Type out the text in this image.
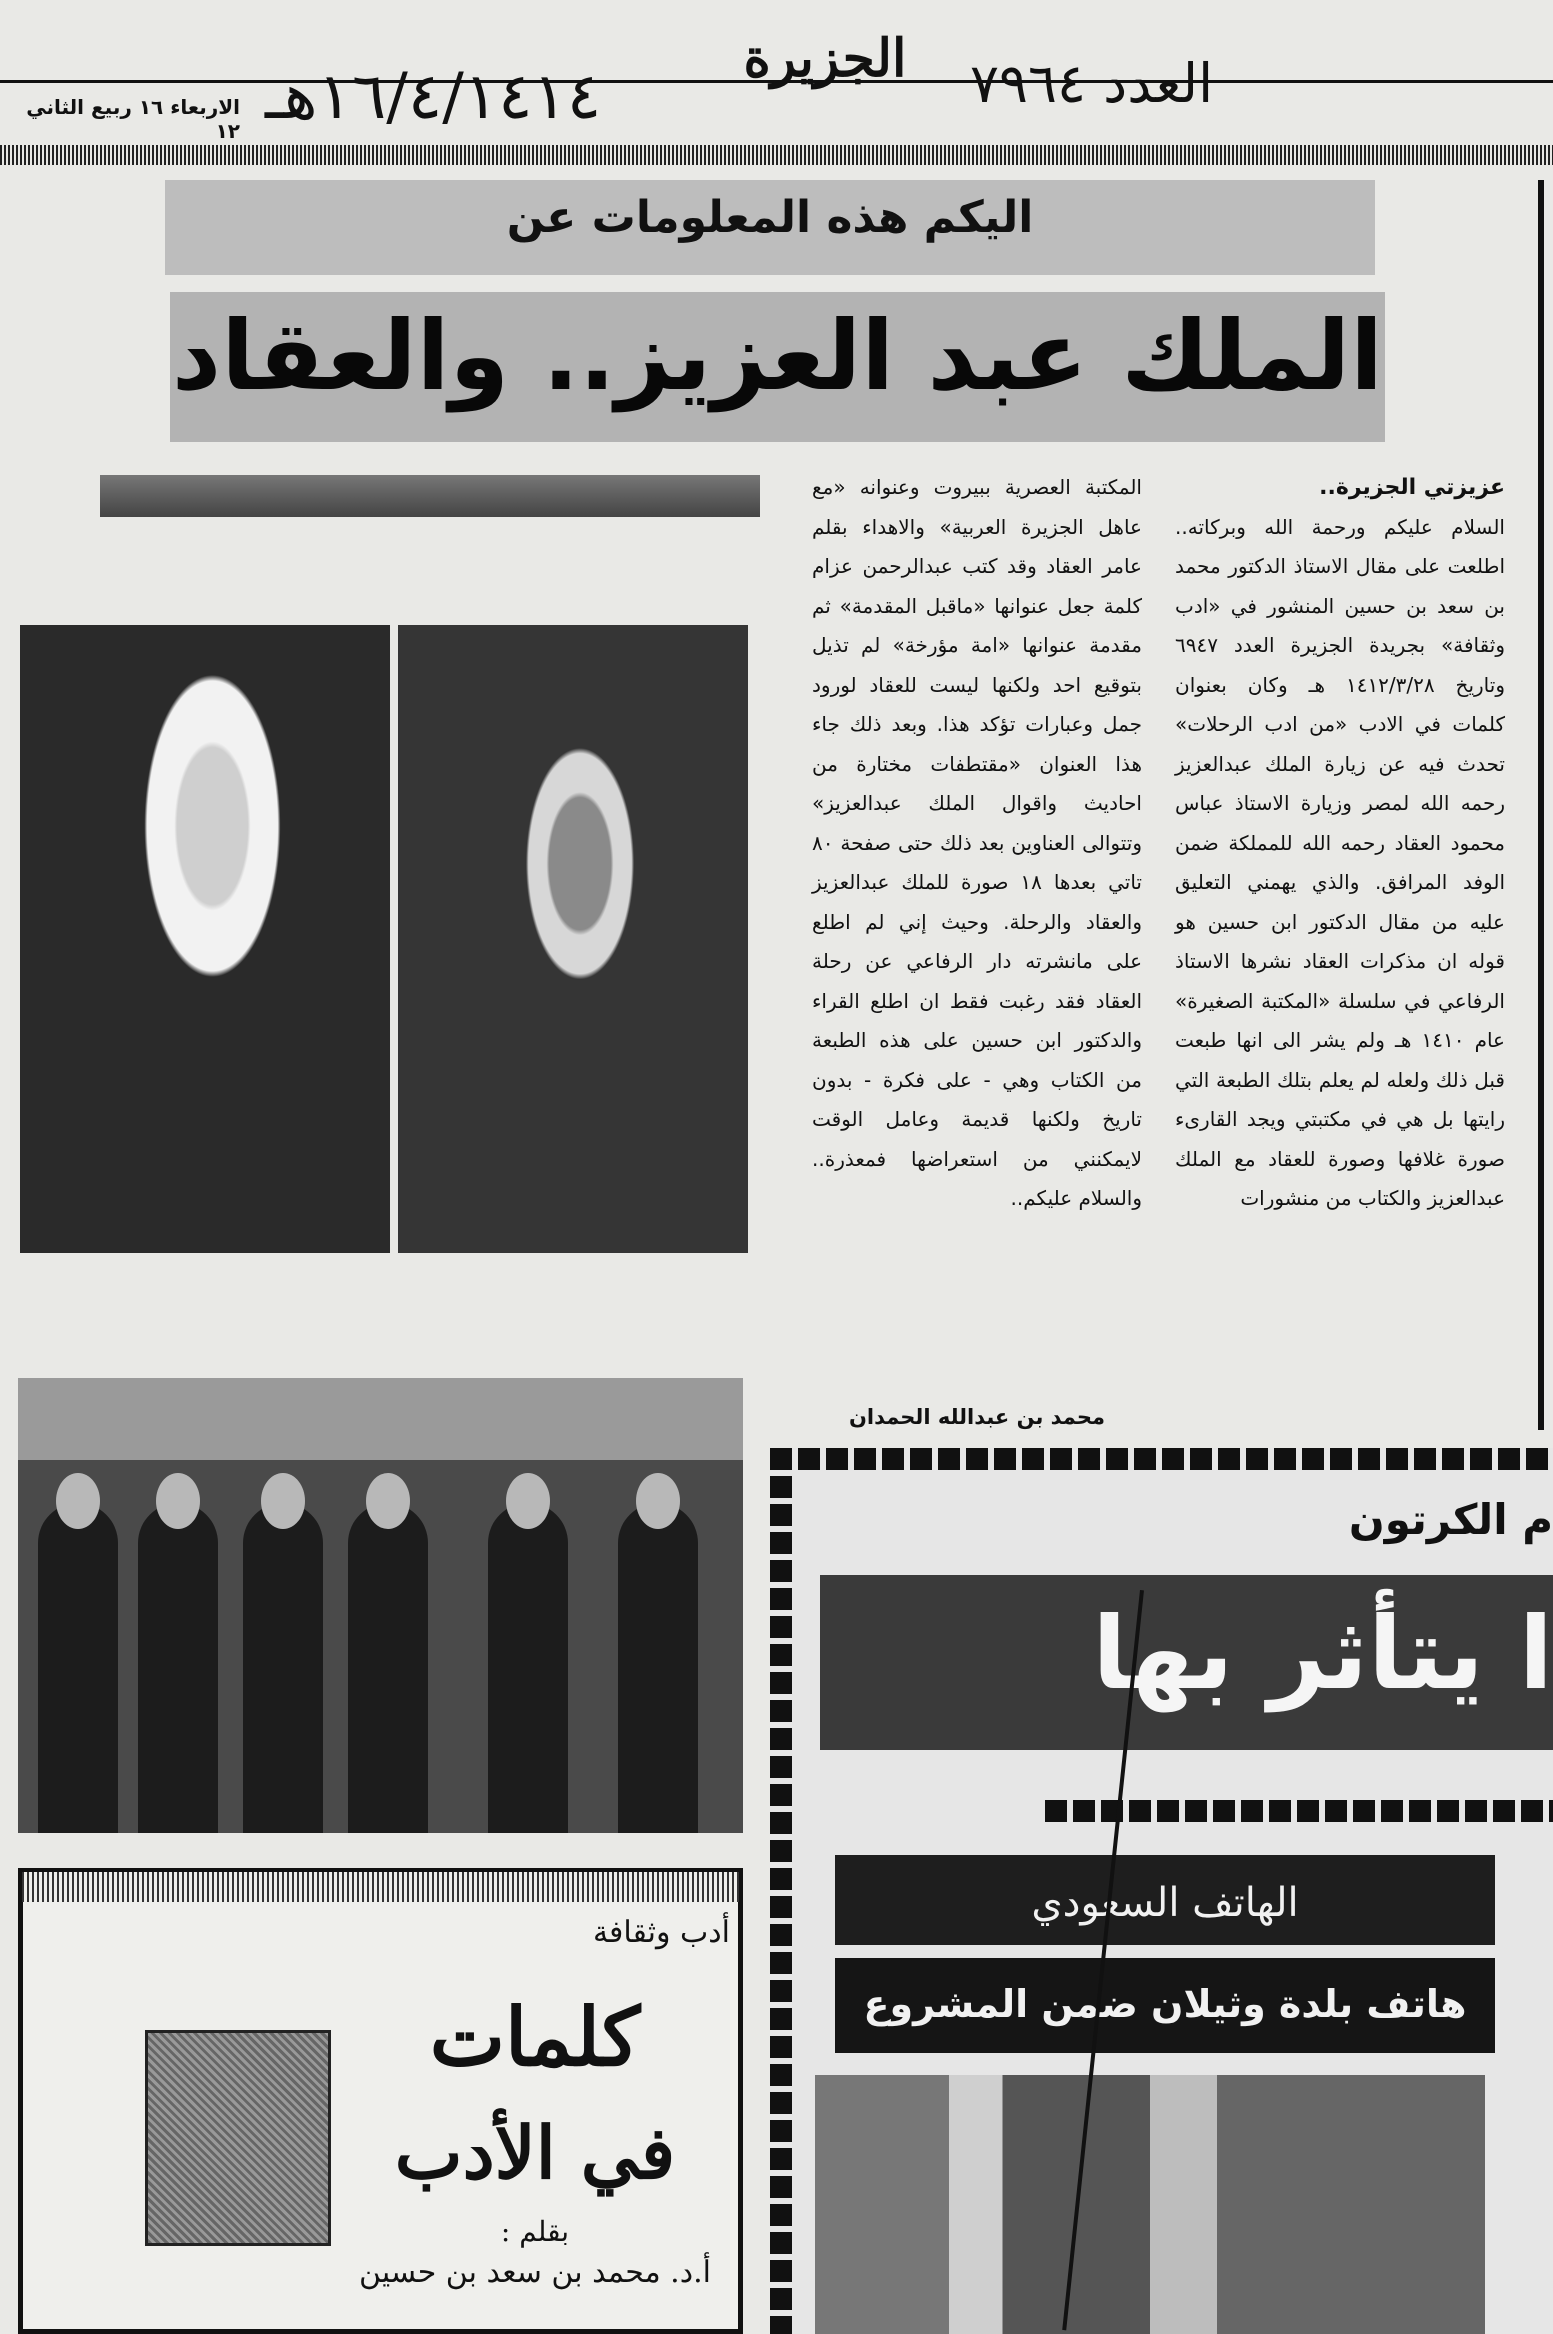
١٦/٤/١٤١٤هـ
الجزيرة	العدد ٧٩٦٤
الاربعاء ١٦ ربيع الثاني ١٢
اليكم هذه المعلومات عن
الملك عبد العزيز.. والعقاد
عزيزتي الجزيرة..
السلام عليكم ورحمة الله وبركاته.. اطلعت على مقال الاستاذ الدكتور محمد بن سعد بن حسين المنشور في «ادب وثقافة» بجريدة الجزيرة العدد ٦٩٤٧ وتاريخ ١٤١٢/٣/٢٨ هـ وكان بعنوان كلمات في الادب «من ادب الرحلات» تحدث فيه عن زيارة الملك عبدالعزيز رحمه الله لمصر وزيارة الاستاذ عباس محمود العقاد رحمه الله للمملكة ضمن الوفد المرافق. والذي يهمني التعليق عليه من مقال الدكتور ابن حسين هو قوله ان مذكرات العقاد نشرها الاستاذ الرفاعي في سلسلة «المكتبة الصغيرة» عام ١٤١٠ هـ ولم يشر الى انها طبعت قبل ذلك ولعله لم يعلم بتلك الطبعة التي رايتها بل هي في مكتبتي ويجد القارىء صورة غلافها وصورة للعقاد مع الملك عبدالعزيز والكتاب من منشورات
المكتبة العصرية ببيروت وعنوانه «مع عاهل الجزيرة العربية» والاهداء بقلم عامر العقاد وقد كتب عبدالرحمن عزام كلمة جعل عنوانها «ماقبل المقدمة» ثم مقدمة عنوانها «امة مؤرخة» لم تذيل بتوقيع احد ولكنها ليست للعقاد لورود جمل وعبارات تؤكد هذا. وبعد ذلك جاء هذا العنوان «مقتطفات مختارة من احاديث واقوال الملك عبدالعزيز» وتتوالى العناوين بعد ذلك حتى صفحة ٨٠ تاتي بعدها ١٨ صورة للملك عبدالعزيز والعقاد والرحلة. وحيث إني لم اطلع على مانشرته دار الرفاعي عن رحلة العقاد فقد رغبت فقط ان اطلع القراء والدكتور ابن حسين على هذه الطبعة من الكتاب وهي - على فكرة - بدون تاريخ ولكنها قديمة وعامل الوقت لايمكنني من استعراضها فمعذرة.. والسلام عليكم..
محمد بن عبدالله الحمدان
م الكرتون
ا يتأثر بها
الهاتف السعودي
هاتف بلدة وثيلان ضمن المشروع
أدب وثقافة
كلمات
في الأدب
بقلم :
أ.د. محمد بن سعد بن حسين
